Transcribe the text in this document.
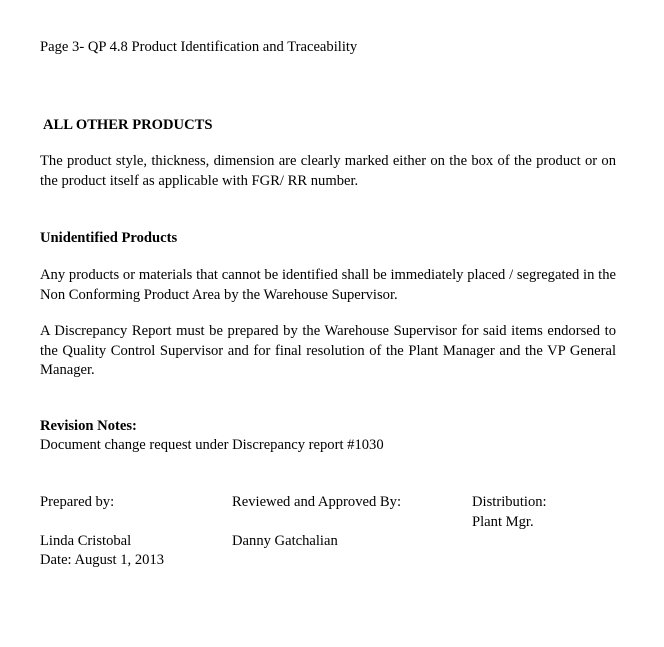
Page 3- QP 4.8 Product Identification and Traceability

ALL OTHER PRODUCTS

The product style, thickness, dimension are clearly marked either on the box of the product or on the product itself as applicable with FGR/ RR number.

Unidentified Products

Any products or materials that cannot be identified shall be immediately placed / segregated in the Non Conforming Product Area by the Warehouse Supervisor.

A Discrepancy Report must be prepared by the Warehouse Supervisor for said items endorsed to the Quality Control Supervisor and for final resolution of the Plant Manager and the VP General Manager.

Revision Notes:

Document change request under Discrepancy report #1030

Prepared by:

Linda Cristobal

Date: August 1, 2013

Reviewed and Approved By:

Danny Gatchalian

Distribution:

Plant Mgr.
